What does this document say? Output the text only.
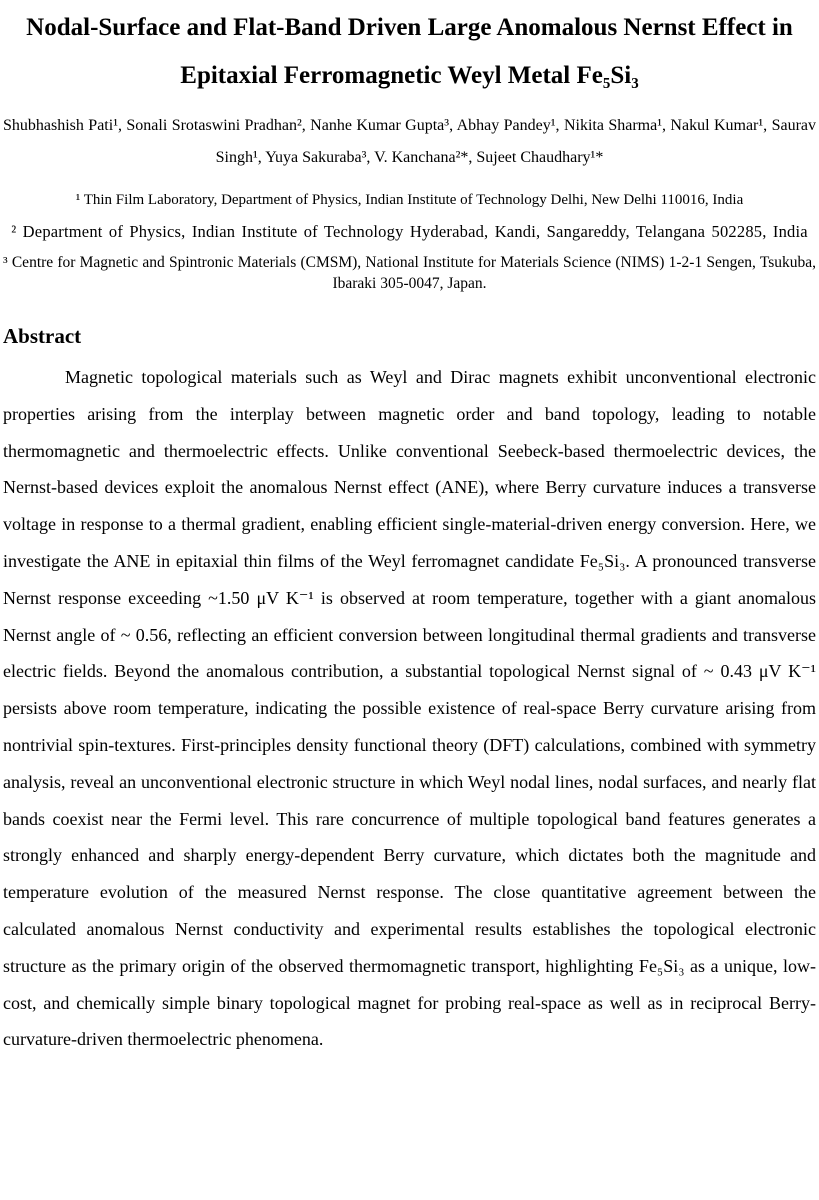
Nodal-Surface and Flat-Band Driven Large Anomalous Nernst Effect in Epitaxial Ferromagnetic Weyl Metal Fe₅Si₃

Shubhashish Pati¹, Sonali Srotaswini Pradhan², Nanhe Kumar Gupta³, Abhay Pandey¹, Nikita Sharma¹, Nakul Kumar¹, Saurav Singh¹, Yuya Sakuraba³, V. Kanchana²*, Sujeet Chaudhary¹*

¹ Thin Film Laboratory, Department of Physics, Indian Institute of Technology Delhi, New Delhi 110016, India

² Department of Physics, Indian Institute of Technology Hyderabad, Kandi, Sangareddy, Telangana 502285, India

³ Centre for Magnetic and Spintronic Materials (CMSM), National Institute for Materials Science (NIMS) 1-2-1 Sengen, Tsukuba, Ibaraki 305-0047, Japan.

Abstract

Magnetic topological materials such as Weyl and Dirac magnets exhibit unconventional electronic properties arising from the interplay between magnetic order and band topology, leading to notable thermomagnetic and thermoelectric effects. Unlike conventional Seebeck-based thermoelectric devices, the Nernst-based devices exploit the anomalous Nernst effect (ANE), where Berry curvature induces a transverse voltage in response to a thermal gradient, enabling efficient single-material-driven energy conversion. Here, we investigate the ANE in epitaxial thin films of the Weyl ferromagnet candidate Fe₅Si₃. A pronounced transverse Nernst response exceeding ~1.50 μV K⁻¹ is observed at room temperature, together with a giant anomalous Nernst angle of ~ 0.56, reflecting an efficient conversion between longitudinal thermal gradients and transverse electric fields. Beyond the anomalous contribution, a substantial topological Nernst signal of ~ 0.43 μV K⁻¹ persists above room temperature, indicating the possible existence of real-space Berry curvature arising from nontrivial spin-textures. First-principles density functional theory (DFT) calculations, combined with symmetry analysis, reveal an unconventional electronic structure in which Weyl nodal lines, nodal surfaces, and nearly flat bands coexist near the Fermi level. This rare concurrence of multiple topological band features generates a strongly enhanced and sharply energy-dependent Berry curvature, which dictates both the magnitude and temperature evolution of the measured Nernst response. The close quantitative agreement between the calculated anomalous Nernst conductivity and experimental results establishes the topological electronic structure as the primary origin of the observed thermomagnetic transport, highlighting Fe₅Si₃ as a unique, low-cost, and chemically simple binary topological magnet for probing real-space as well as in reciprocal Berry-curvature-driven thermoelectric phenomena.
